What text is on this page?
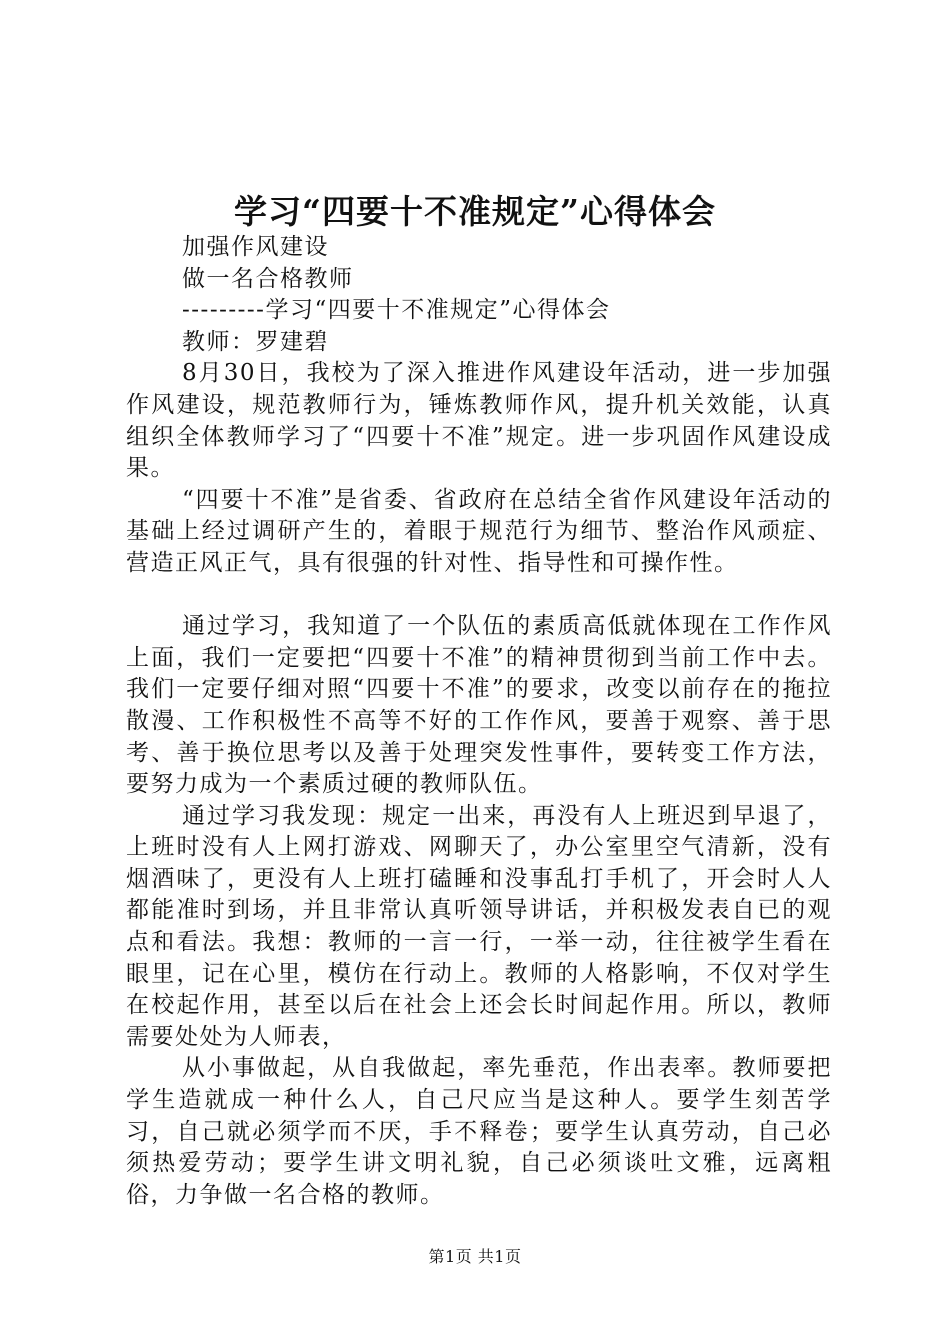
学习“四要十不准规定”心得体会
加强作风建设
做一名合格教师
---------学习“四要十不准规定”心得体会
教师：罗建碧

8月30日，我校为了深入推进作风建设年活动，进一步加强作风建设，规范教师行为，锤炼教师作风，提升机关效能，认真组织全体教师学习了“四要十不准”规定。进一步巩固作风建设成果。

“四要十不准”是省委、省政府在总结全省作风建设年活动的基础上经过调研产生的，着眼于规范行为细节、整治作风顽症、营造正风正气，具有很强的针对性、指导性和可操作性。

通过学习，我知道了一个队伍的素质高低就体现在工作作风上面，我们一定要把“四要十不准”的精神贯彻到当前工作中去。我们一定要仔细对照“四要十不准”的要求，改变以前存在的拖拉散漫、工作积极性不高等不好的工作作风，要善于观察、善于思考、善于换位思考以及善于处理突发性事件，要转变工作方法，要努力成为一个素质过硬的教师队伍。

通过学习我发现：规定一出来，再没有人上班迟到早退了，上班时没有人上网打游戏、网聊天了，办公室里空气清新，没有烟酒味了，更没有人上班打磕睡和没事乱打手机了，开会时人人都能准时到场，并且非常认真听领导讲话，并积极发表自已的观点和看法。我想：教师的一言一行，一举一动，往往被学生看在眼里，记在心里，模仿在行动上。教师的人格影响，不仅对学生在校起作用，甚至以后在社会上还会长时间起作用。所以，教师需要处处为人师表，

从小事做起，从自我做起，率先垂范，作出表率。教师要把学生造就成一种什么人，自己尺应当是这种人。要学生刻苦学习，自己就必须学而不厌，手不释卷；要学生认真劳动，自己必须热爱劳动；要学生讲文明礼貌，自己必须谈吐文雅，远离粗俗，力争做一名合格的教师。

第1页 共1页
